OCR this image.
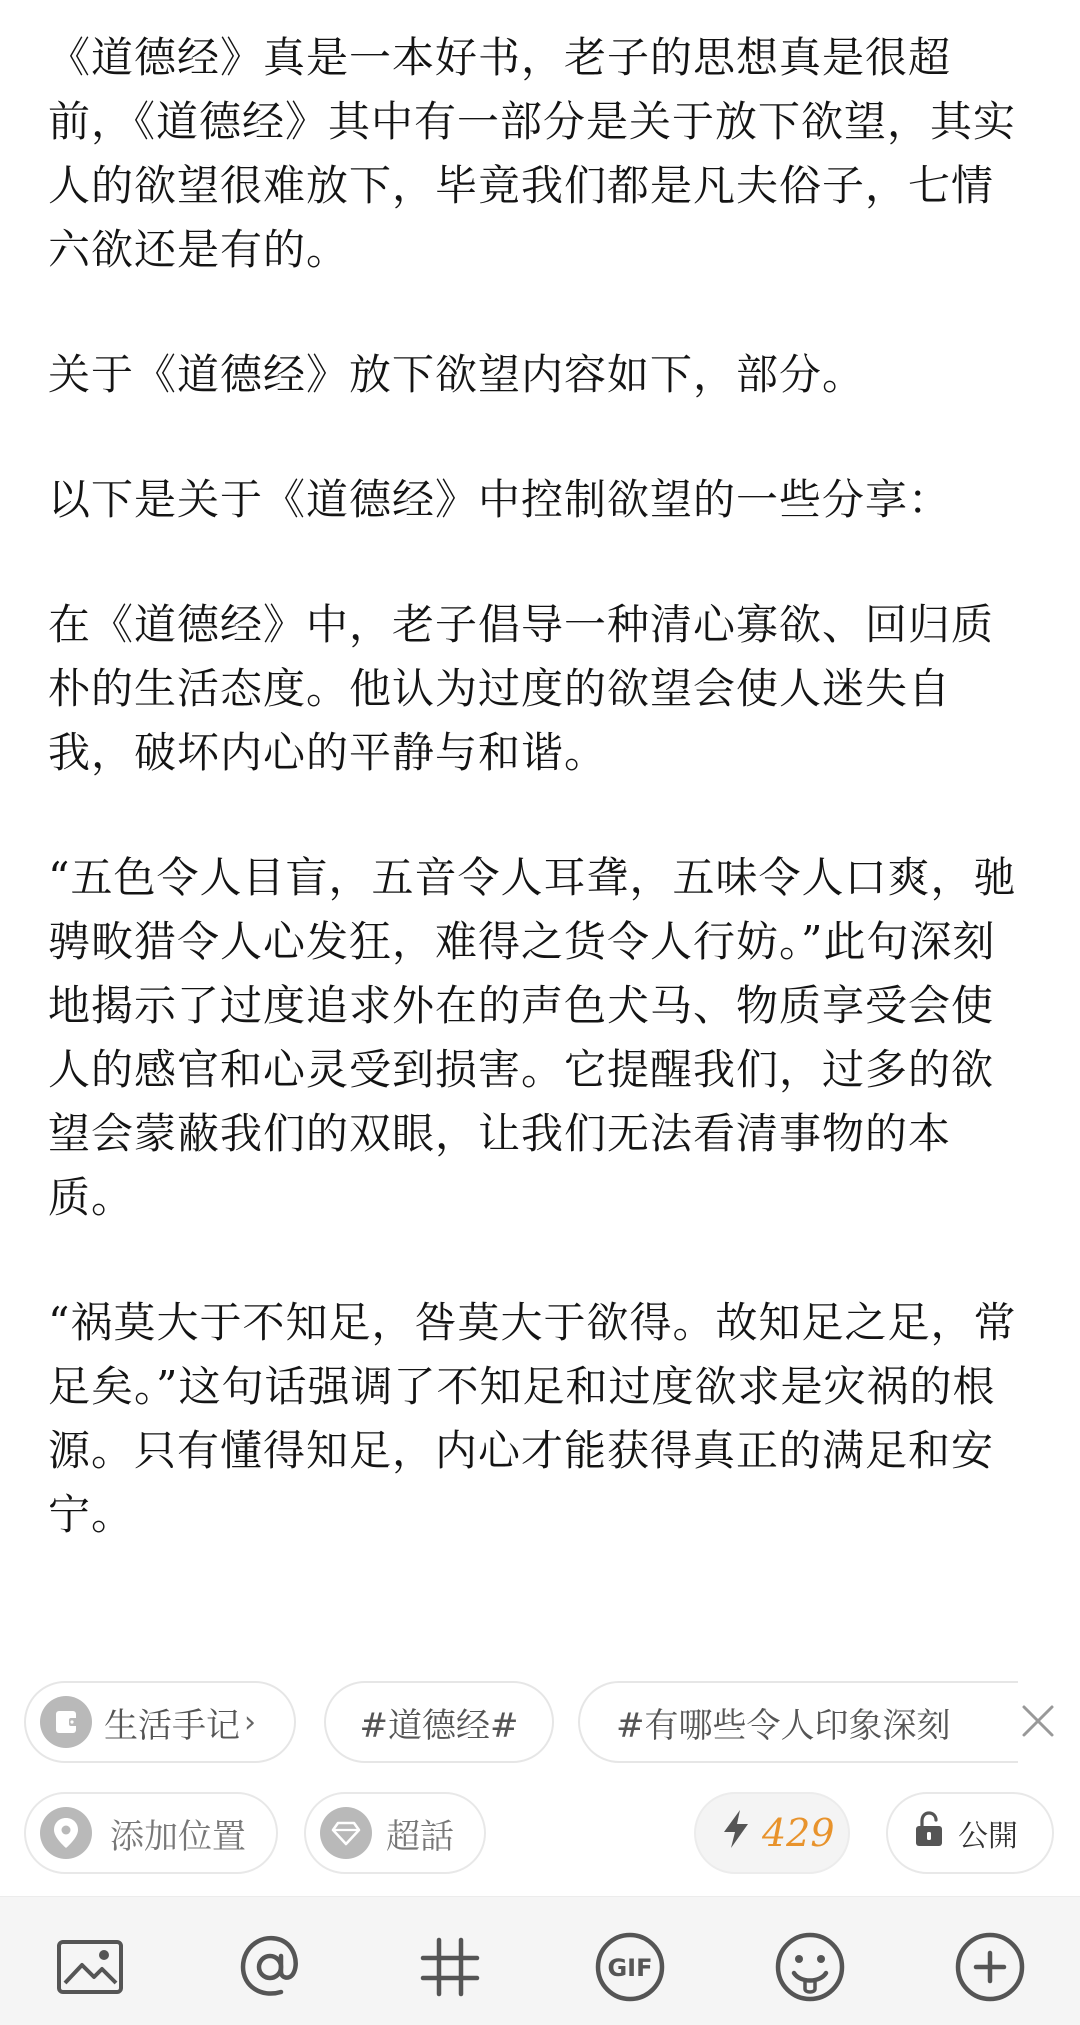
《道德经》真是一本好书，老子的思想真是很超前，《道德经》其中有一部分是关于放下欲望，其实人的欲望很难放下，毕竟我们都是凡夫俗子，七情六欲还是有的。

关于《道德经》放下欲望内容如下，部分。

以下是关于《道德经》中控制欲望的一些分享：

在《道德经》中，老子倡导一种清心寡欲、回归质朴的生活态度。他认为过度的欲望会使人迷失自我，破坏内心的平静与和谐。

“五色令人目盲，五音令人耳聋，五味令人口爽，驰骋畋猎令人心发狂，难得之货令人行妨。”此句深刻地揭示了过度追求外在的声色犬马、物质享受会使人的感官和心灵受到损害。它提醒我们，过多的欲望会蒙蔽我们的双眼，让我们无法看清事物的本质。

“祸莫大于不知足，咎莫大于欲得。故知足之足，常足矣。”这句话强调了不知足和过度欲求是灾祸的根源。只有懂得知足，内心才能获得真正的满足和安宁。

生活手记 ›	#道德经#	#有哪些令人印象深刻
添加位置	超話	429	公開
GIF
